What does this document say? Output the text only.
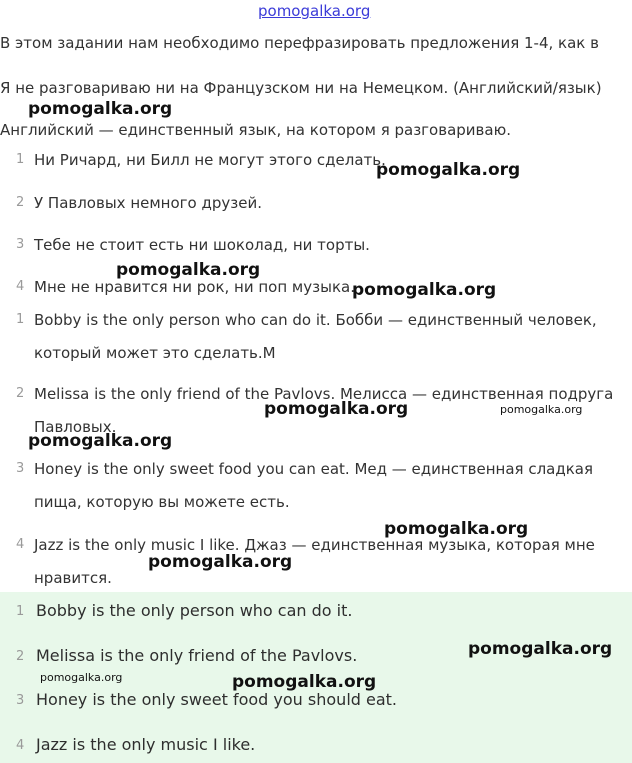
pomogalka.org
В этом задании нам необходимо перефразировать предложения 1-4, как в
Я не разговариваю ни на Французском ни на Немецком. (Английский/язык)
pomogalka.org
Английский — единственный язык, на котором я разговариваю.
1 Ни Ричард, ни Билл не могут этого сделать.
2 У Павловых немного друзей.
3 Тебе не стоит есть ни шоколад, ни торты.
4 Мне не нравится ни рок, ни поп музыка.
1 Bobby is the only person who can do it. Бобби — единственный человек,
который может это сделать.М
2 Melissa is the only friend of the Pavlovs. Мелисса — единственная подруга
Павловых.
3 Honey is the only sweet food you can eat. Мед — единственная сладкая
пища, которую вы можете есть.
4 Jazz is the only music I like. Джаз — единственная музыка, которая мне
нравится.
1 Bobby is the only person who can do it.
2 Melissa is the only friend of the Pavlovs.
3 Honey is the only sweet food you should eat.
4 Jazz is the only music I like.
pomogalka.org
pomogalka.org
pomogalka.org
pomogalka.org	pomogalka.org
pomogalka.org
pomogalka.org
pomogalka.org
pomogalka.org
pomogalka.org	pomogalka.org
